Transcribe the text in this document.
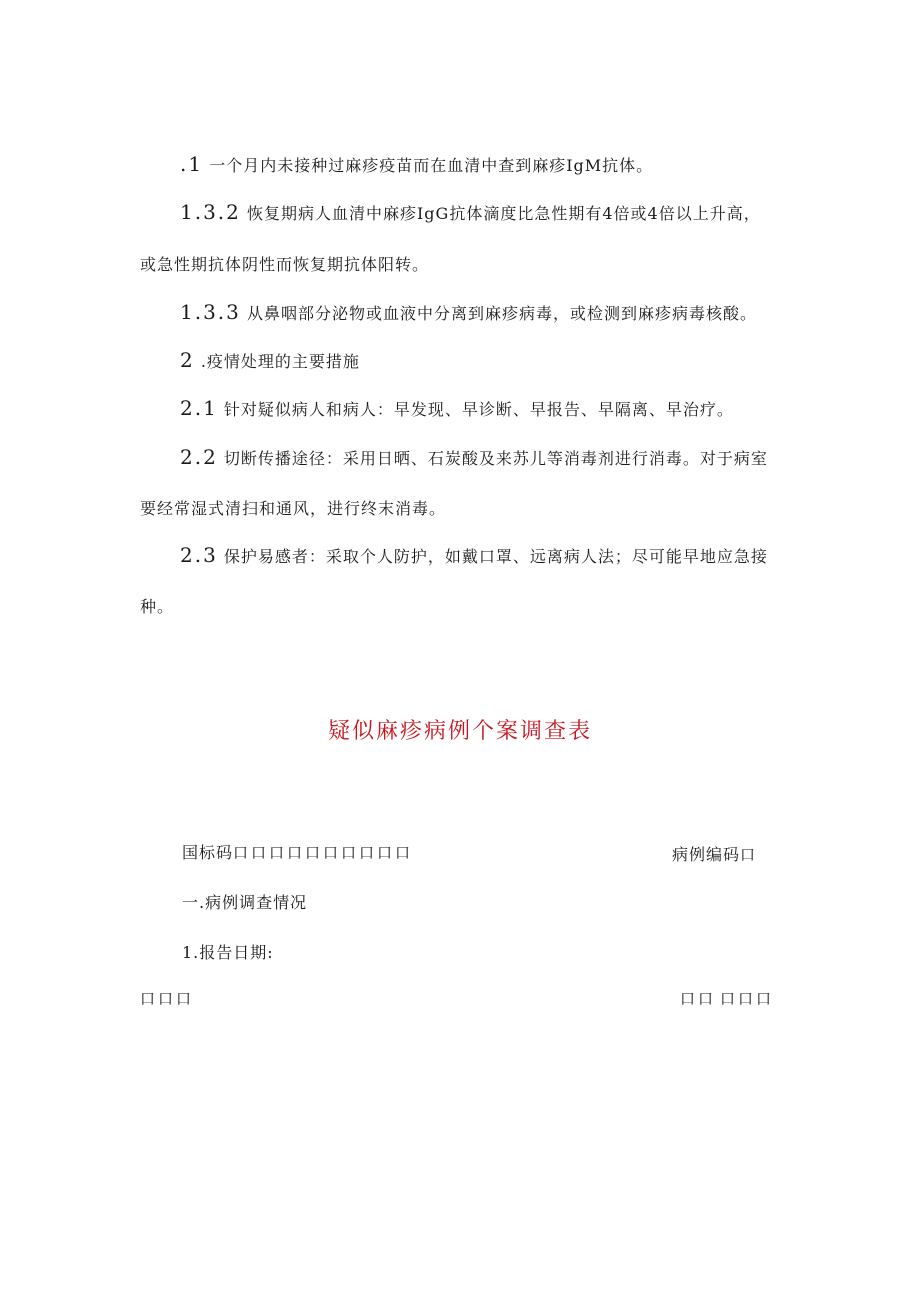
.1 一个月内未接种过麻疹疫苗而在血清中查到麻疹IgM抗体。
1.3.2 恢复期病人血清中麻疹IgG抗体滴度比急性期有4倍或4倍以上升高，
或急性期抗体阴性而恢复期抗体阳转。
1.3.3 从鼻咽部分泌物或血液中分离到麻疹病毒，或检测到麻疹病毒核酸。
2 .疫情处理的主要措施
2.1 针对疑似病人和病人：早发现、早诊断、早报告、早隔离、早治疗。
2.2 切断传播途径：采用日晒、石炭酸及来苏儿等消毒剂进行消毒。对于病室
要经常湿式清扫和通风，进行终末消毒。
2.3 保护易感者：采取个人防护，如戴口罩、远离病人法；尽可能早地应急接
种。
疑似麻疹病例个案调查表
国标码口口口口口口口口口口	病例编码口
一.病例调查情况
1.报告日期:
口口口	口口 口口口
